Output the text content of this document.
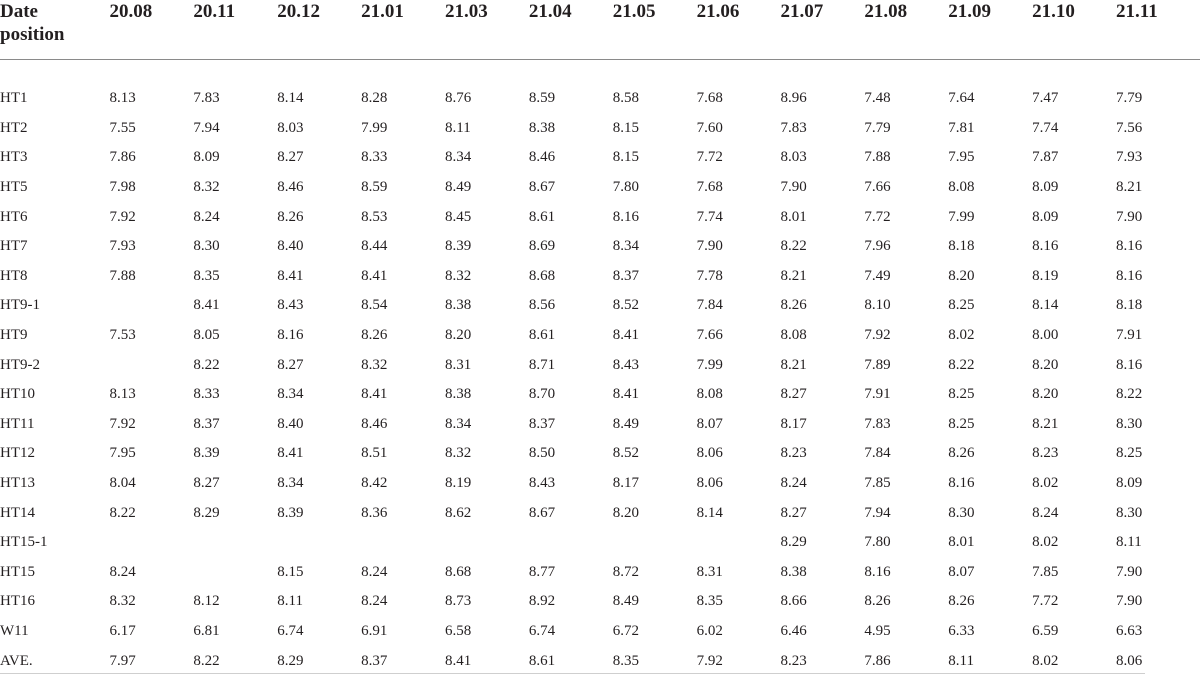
Date
position	20.08	20.11	20.12	21.01	21.03	21.04	21.05	21.06	21.07	21.08	21.09	21.10	21.11
HT1	8.13	7.83	8.14	8.28	8.76	8.59	8.58	7.68	8.96	7.48	7.64	7.47	7.79
HT2	7.55	7.94	8.03	7.99	8.11	8.38	8.15	7.60	7.83	7.79	7.81	7.74	7.56
HT3	7.86	8.09	8.27	8.33	8.34	8.46	8.15	7.72	8.03	7.88	7.95	7.87	7.93
HT5	7.98	8.32	8.46	8.59	8.49	8.67	7.80	7.68	7.90	7.66	8.08	8.09	8.21
HT6	7.92	8.24	8.26	8.53	8.45	8.61	8.16	7.74	8.01	7.72	7.99	8.09	7.90
HT7	7.93	8.30	8.40	8.44	8.39	8.69	8.34	7.90	8.22	7.96	8.18	8.16	8.16
HT8	7.88	8.35	8.41	8.41	8.32	8.68	8.37	7.78	8.21	7.49	8.20	8.19	8.16
HT9-1		8.41	8.43	8.54	8.38	8.56	8.52	7.84	8.26	8.10	8.25	8.14	8.18
HT9	7.53	8.05	8.16	8.26	8.20	8.61	8.41	7.66	8.08	7.92	8.02	8.00	7.91
HT9-2		8.22	8.27	8.32	8.31	8.71	8.43	7.99	8.21	7.89	8.22	8.20	8.16
HT10	8.13	8.33	8.34	8.41	8.38	8.70	8.41	8.08	8.27	7.91	8.25	8.20	8.22
HT11	7.92	8.37	8.40	8.46	8.34	8.37	8.49	8.07	8.17	7.83	8.25	8.21	8.30
HT12	7.95	8.39	8.41	8.51	8.32	8.50	8.52	8.06	8.23	7.84	8.26	8.23	8.25
HT13	8.04	8.27	8.34	8.42	8.19	8.43	8.17	8.06	8.24	7.85	8.16	8.02	8.09
HT14	8.22	8.29	8.39	8.36	8.62	8.67	8.20	8.14	8.27	7.94	8.30	8.24	8.30
HT15-1									8.29	7.80	8.01	8.02	8.11
HT15	8.24		8.15	8.24	8.68	8.77	8.72	8.31	8.38	8.16	8.07	7.85	7.90
HT16	8.32	8.12	8.11	8.24	8.73	8.92	8.49	8.35	8.66	8.26	8.26	7.72	7.90
W11	6.17	6.81	6.74	6.91	6.58	6.74	6.72	6.02	6.46	4.95	6.33	6.59	6.63
AVE.	7.97	8.22	8.29	8.37	8.41	8.61	8.35	7.92	8.23	7.86	8.11	8.02	8.06
